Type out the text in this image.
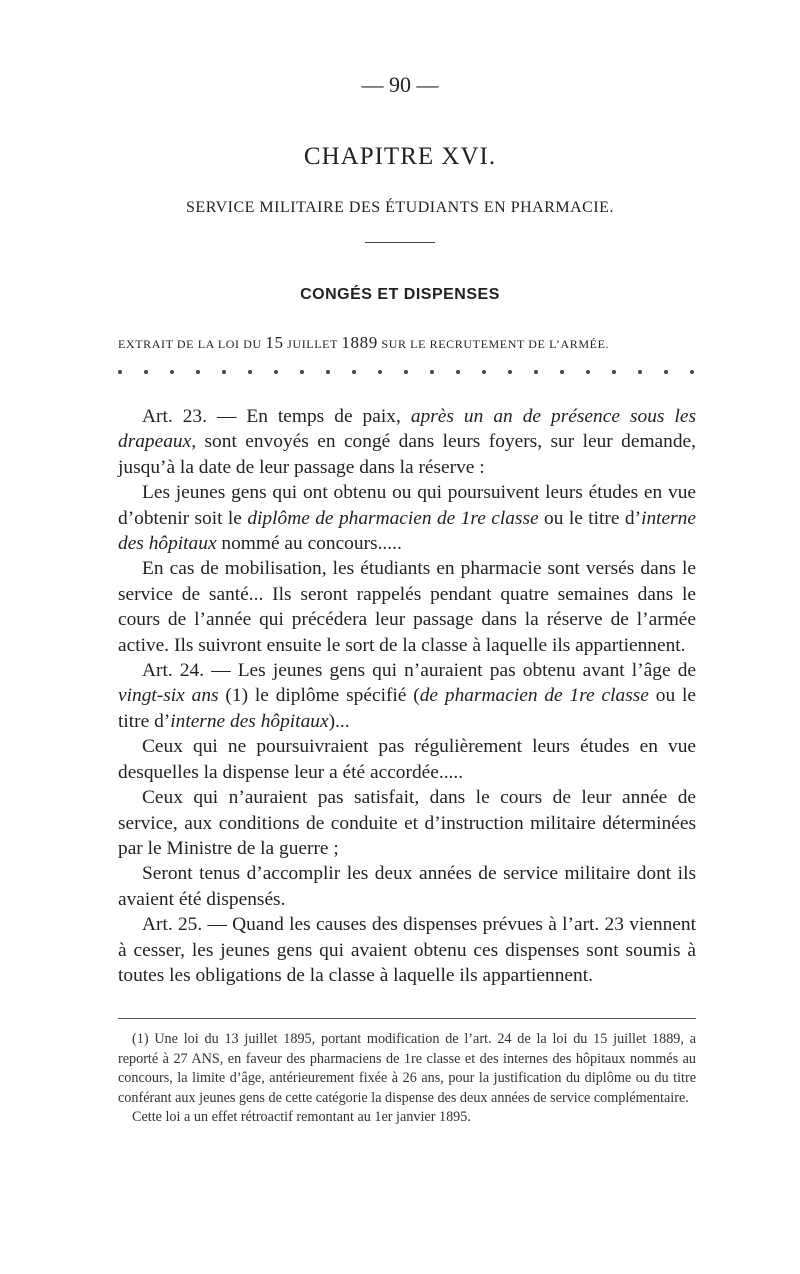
— 90 —
CHAPITRE XVI.
SERVICE MILITAIRE DES ÉTUDIANTS EN PHARMACIE.
CONGÉS ET DISPENSES
EXTRAIT DE LA LOI DU 15 JUILLET 1889 SUR LE RECRUTEMENT DE L’ARMÉE.

Art. 23. — En temps de paix, après un an de présence sous les drapeaux, sont envoyés en congé dans leurs foyers, sur leur demande, jusqu’à la date de leur passage dans la réserve :

Les jeunes gens qui ont obtenu ou qui poursuivent leurs études en vue d’obtenir soit le diplôme de pharmacien de 1re classe ou le titre d’interne des hôpitaux nommé au concours.....

En cas de mobilisation, les étudiants en pharmacie sont versés dans le service de santé... Ils seront rappelés pendant quatre semaines dans le cours de l’année qui précédera leur passage dans la réserve de l’armée active. Ils suivront ensuite le sort de la classe à laquelle ils appartiennent.

Art. 24. — Les jeunes gens qui n’auraient pas obtenu avant l’âge de vingt-six ans (1) le diplôme spécifié (de pharmacien de 1re classe ou le titre d’interne des hôpitaux)...

Ceux qui ne poursuivraient pas régulièrement leurs études en vue desquelles la dispense leur a été accordée.....

Ceux qui n’auraient pas satisfait, dans le cours de leur année de service, aux conditions de conduite et d’instruction militaire déterminées par le Ministre de la guerre ;

Seront tenus d’accomplir les deux années de service militaire dont ils avaient été dispensés.

Art. 25. — Quand les causes des dispenses prévues à l’art. 23 viennent à cesser, les jeunes gens qui avaient obtenu ces dispenses sont soumis à toutes les obligations de la classe à laquelle ils appartiennent.

(1) Une loi du 13 juillet 1895, portant modification de l’art. 24 de la loi du 15 juillet 1889, a reporté à 27 ANS, en faveur des pharmaciens de 1re classe et des internes des hôpitaux nommés au concours, la limite d’âge, antérieurement fixée à 26 ans, pour la justification du diplôme ou du titre conférant aux jeunes gens de cette catégorie la dispense des deux années de service complémentaire.

Cette loi a un effet rétroactif remontant au 1er janvier 1895.
